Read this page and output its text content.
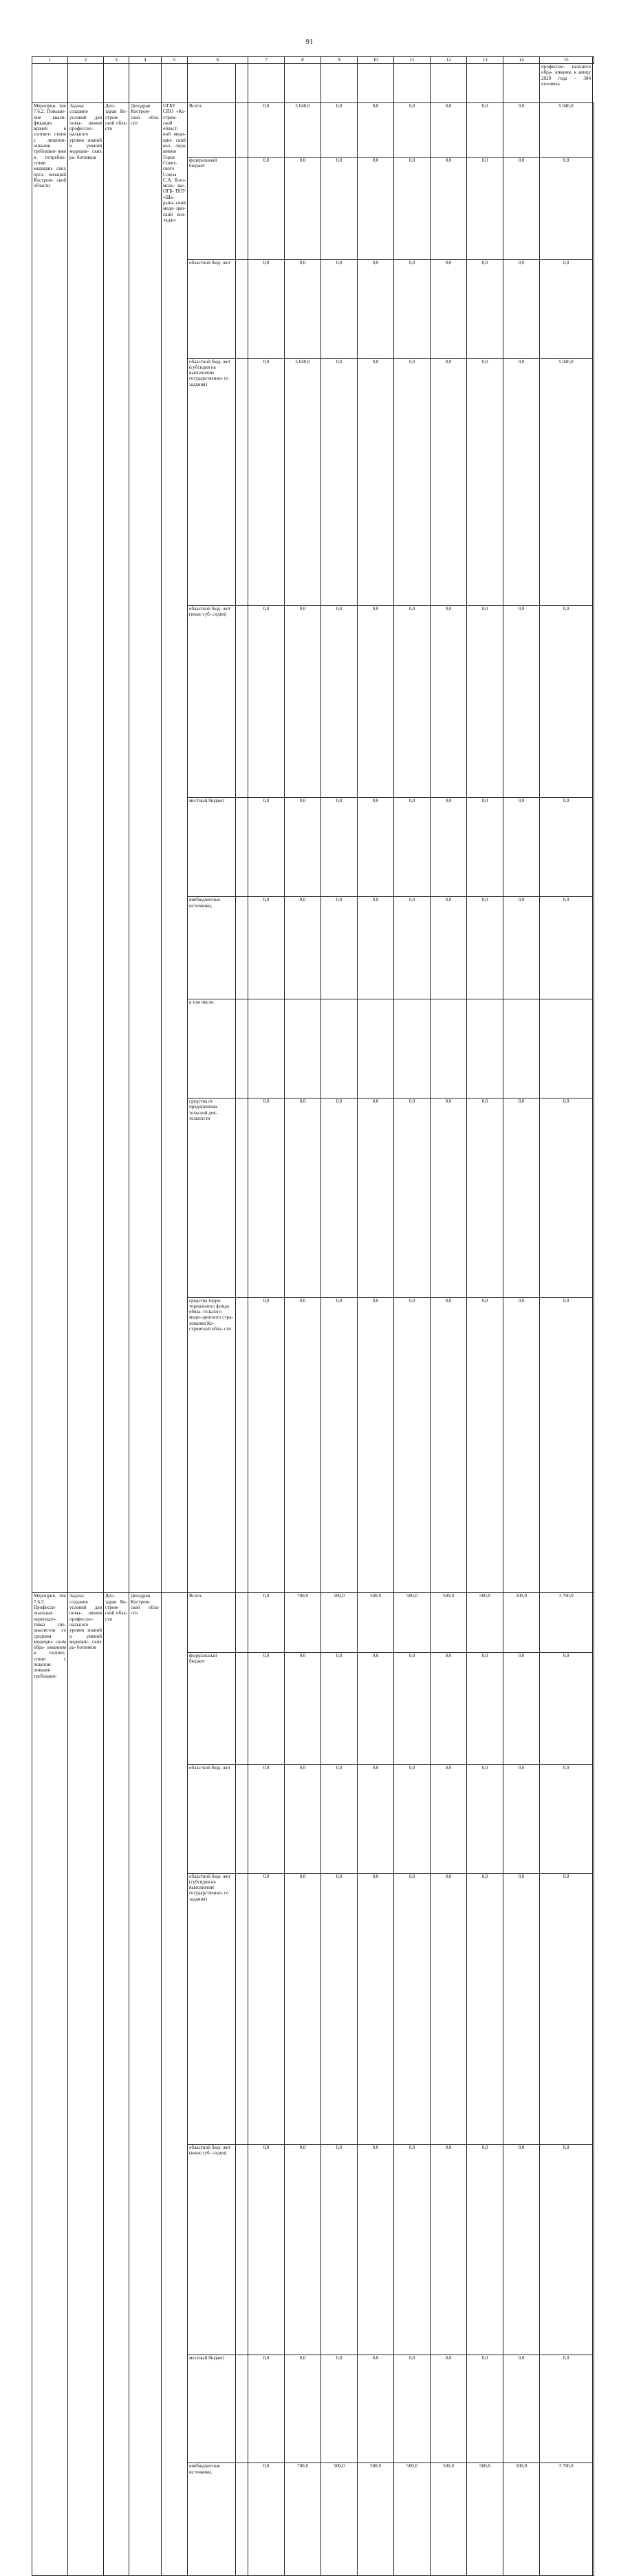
91
1	2	3	4	5	6		7	8	9	10	11	12	13	14	15	
															профессио- нального обра- зования, к концу 2020 года – 304 человека	
Мероприя- тие 7.6.2. Повыше- ние квали- фикации врачей в соответ- ствии с лицензи- онными требовани- ями и потребно- стями медицин- ских орга- низаций Костром- ской области	Задача: создание условий для повы- шения профессио- нального уровня знаний и умений медицин- ских ра- ботников	Деп- здрав Ко- стром- ской обла- сти	Депздрав Костром- ской обла- сти	ОГБУ СПО «Ко- стром- ской област- ной меди- цин- ский кол- ледж имени Героя Совет- ского Союза С.А. Бого- моло- ва», ОГБ- ПОУ «Ша- рьин- ский меди- цин- ский кол- ледж»	Всего:		0,0	5 040,0	0,0	0,0	0,0	0,0	0,0	0,0	5 040,0	
					федеральный бюджет		0,0	0,0	0,0	0,0	0,0	0,0	0,0	0,0	0,0	
					областной бюд- жет		0,0	0,0	0,0	0,0	0,0	0,0	0,0	0,0	0,0	
					областной бюд- жет (субсидия на выполнение государственно- го задания)		0,0	5 040,0	0,0	0,0	0,0	0,0	0,0	0,0	5 040,0	
					областной бюд- жет (иные суб- сидии)		0,0	0,0	0,0	0,0	0,0	0,0	0,0	0,0	0,0	
					местный бюджет		0,0	0,0	0,0	0,0	0,0	0,0	0,0	0,0	0,0	
					внебюджетные источники,		0,0	0,0	0,0	0,0	0,0	0,0	0,0	0,0	0,0	
					в том числе:											
					средства от предпринима- тельской дея- тельности		0,0	0,0	0,0	0,0	0,0	0,0	0,0	0,0	0,0	
					средства терри- ториального фонда обяза- тельного меди- цинского стра- хования Ко- стромской обла- сти		0,0	0,0	0,0	0,0	0,0	0,0	0,0	0,0	0,0	
Мероприя- тие 7.6.3. Професси- ональная переподго- товка спе- циалистов со средним медицин- ским обра- зованием в соответ- ствии с лицензи- онными требовани-	Задача: создание условий для повы- шения профессио- нального уровня знаний и умений медицин- ских ра- ботников	Деп- здрав Ко- стром- ской обла- сти	Депздрав Костром- ской обла- сти		Всего:		0,0	700,0	500,0	500,0	500,0	500,0	500,0	500,0	3 700,0	
					федеральный бюджет		0,0	0,0	0,0	0,0	0,0	0,0	0,0	0,0	0,0	
					областной бюд- жет		0,0	0,0	0,0	0,0	0,0	0,0	0,0	0,0	0,0	
					областной бюд- жет (субсидия на выполнение государственно- го задания)		0,0	0,0	0,0	0,0	0,0	0,0	0,0	0,0	0,0	
					областной бюд- жет (иные суб- сидии)		0,0	0,0	0,0	0,0	0,0	0,0	0,0	0,0	0,0	
					местный бюджет		0,0	0,0	0,0	0,0	0,0	0,0	0,0	0,0	0,0	
					внебюджетные источники,		0,0	700,0	500,0	500,0	500,0	500,0	500,0	500,0	3 700,0	
